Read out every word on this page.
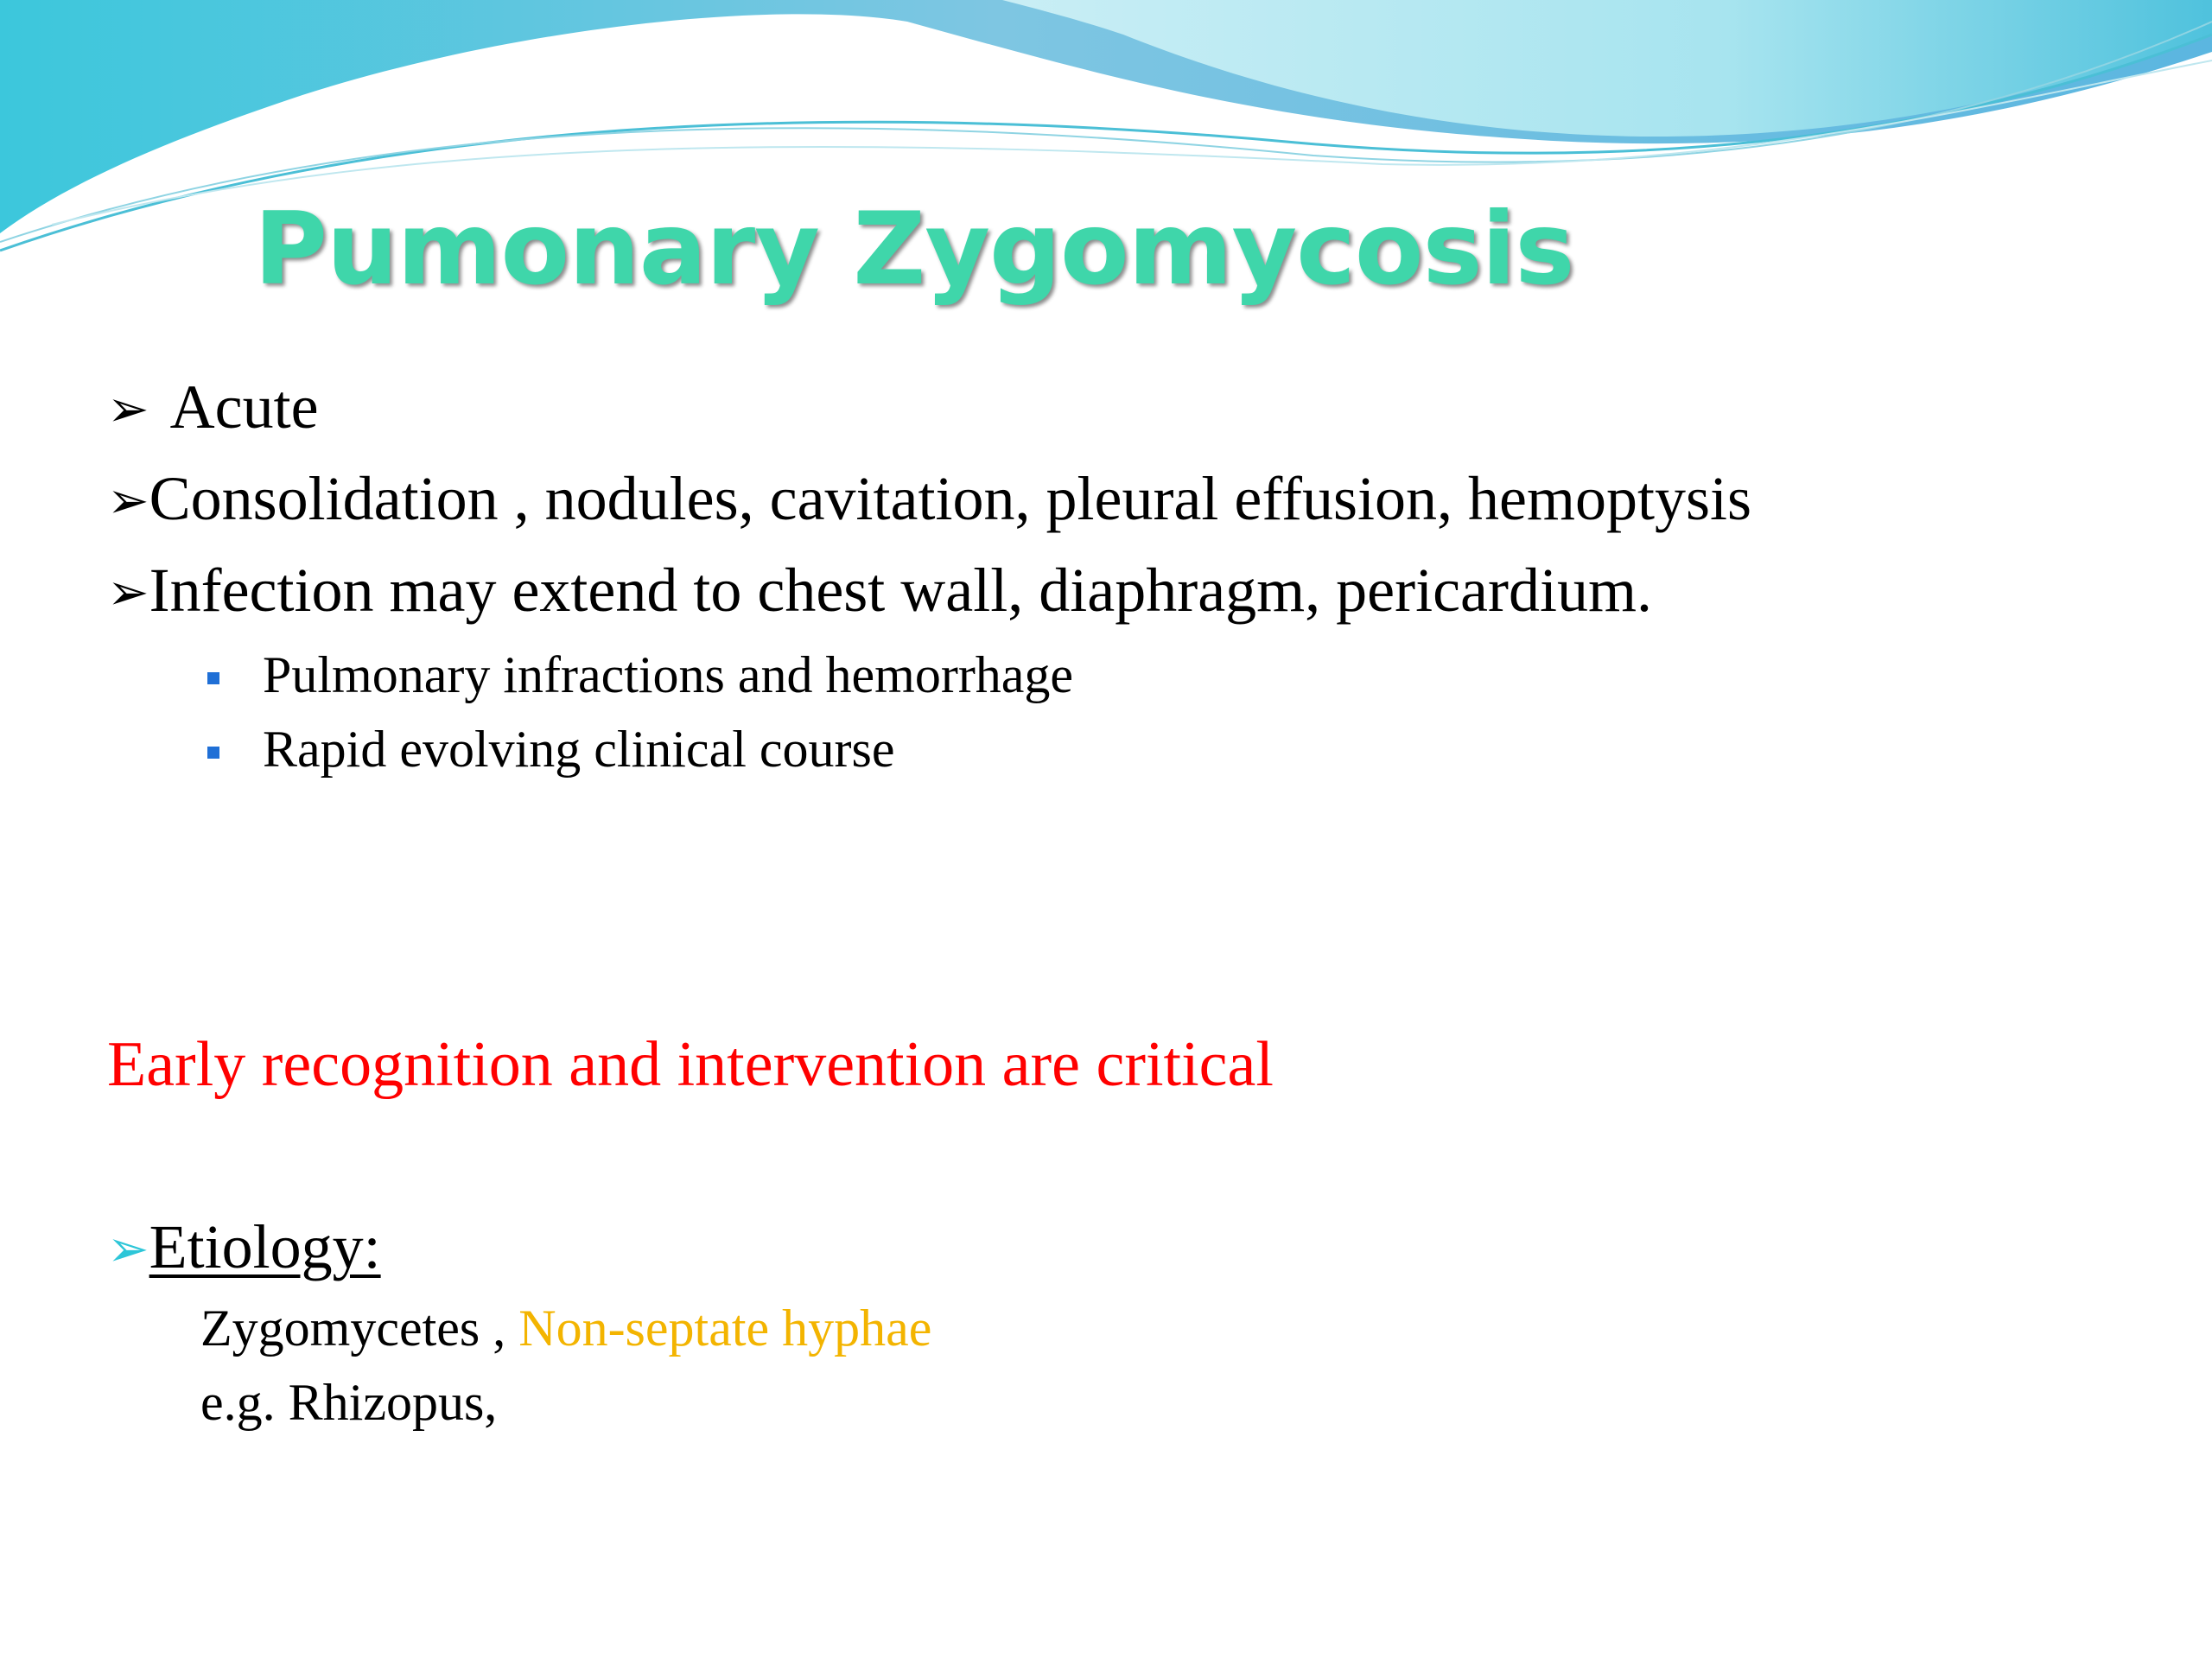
Pumonary Zygomycosis
➢ Acute
➢Consolidation , nodules, cavitation, pleural effusion, hemoptysis
➢Infection may extend to chest wall, diaphragm, pericardium.
Pulmonary infractions and hemorrhage
Rapid evolving clinical course
Early recognition and intervention are critical
➢Etiology:
Zygomycetes , Non-septate hyphae
e.g. Rhizopus,
